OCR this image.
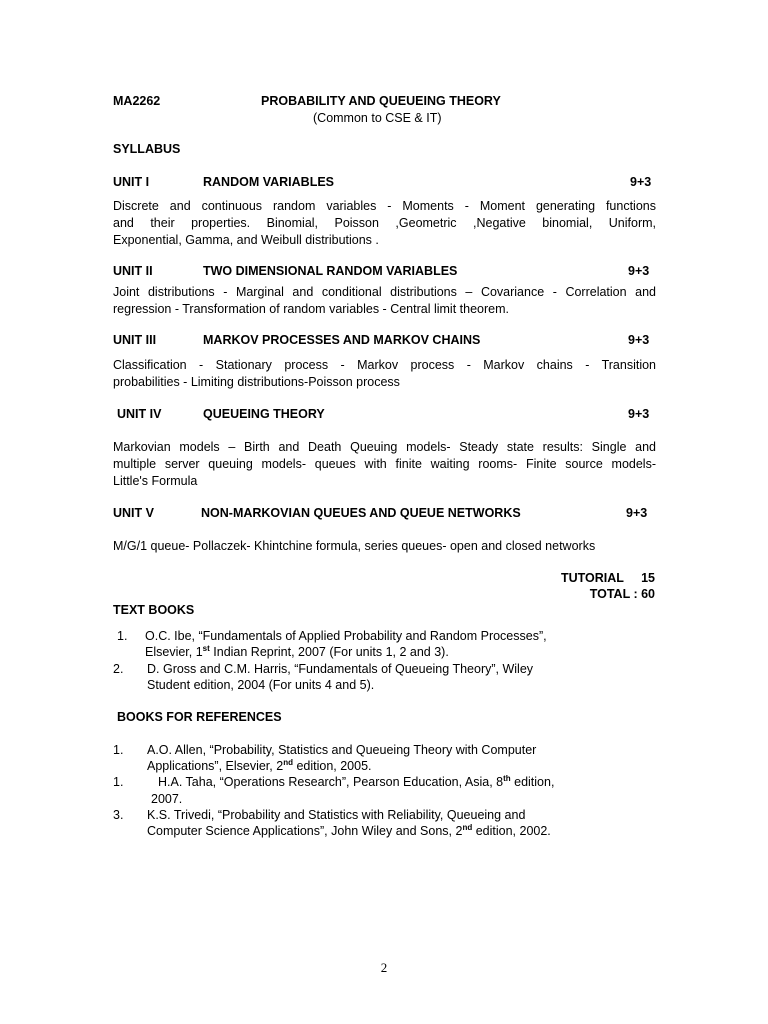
MA2262	PROBABILITY AND QUEUEING THEORY
(Common to CSE & IT)
SYLLABUS
UNIT I	RANDOM VARIABLES	9+3
Discrete and continuous random variables - Moments - Moment generating functions
and their properties. Binomial, Poisson ,Geometric ,Negative binomial, Uniform,
Exponential, Gamma, and Weibull distributions .
UNIT II	TWO DIMENSIONAL RANDOM VARIABLES	9+3
Joint distributions - Marginal and conditional distributions – Covariance - Correlation and
regression - Transformation of random variables - Central limit theorem.
UNIT III	MARKOV PROCESSES AND MARKOV CHAINS	9+3
Classification - Stationary process - Markov process - Markov chains - Transition
probabilities - Limiting distributions-Poisson process
UNIT IV	QUEUEING THEORY	9+3
Markovian models – Birth and Death Queuing models- Steady state results: Single and
multiple server queuing models- queues with finite waiting rooms- Finite source models-
Little's Formula
UNIT V	NON-MARKOVIAN QUEUES AND QUEUE NETWORKS	9+3
M/G/1 queue- Pollaczek- Khintchine formula, series queues- open and closed networks
TUTORIAL     15
TOTAL : 60
TEXT BOOKS
1. O.C. Ibe, “Fundamentals of Applied Probability and Random Processes”,
Elsevier, 1st Indian Reprint, 2007 (For units 1, 2 and 3).
2. D. Gross and C.M. Harris, “Fundamentals of Queueing Theory”, Wiley
Student edition, 2004 (For units 4 and 5).
BOOKS FOR REFERENCES
1. A.O. Allen, “Probability, Statistics and Queueing Theory with Computer
Applications”, Elsevier, 2nd edition, 2005.
1.	H.A. Taha, “Operations Research”, Pearson Education, Asia, 8th edition,
2007.
3. K.S. Trivedi, “Probability and Statistics with Reliability, Queueing and
Computer Science Applications”, John Wiley and Sons, 2nd edition, 2002.
2
